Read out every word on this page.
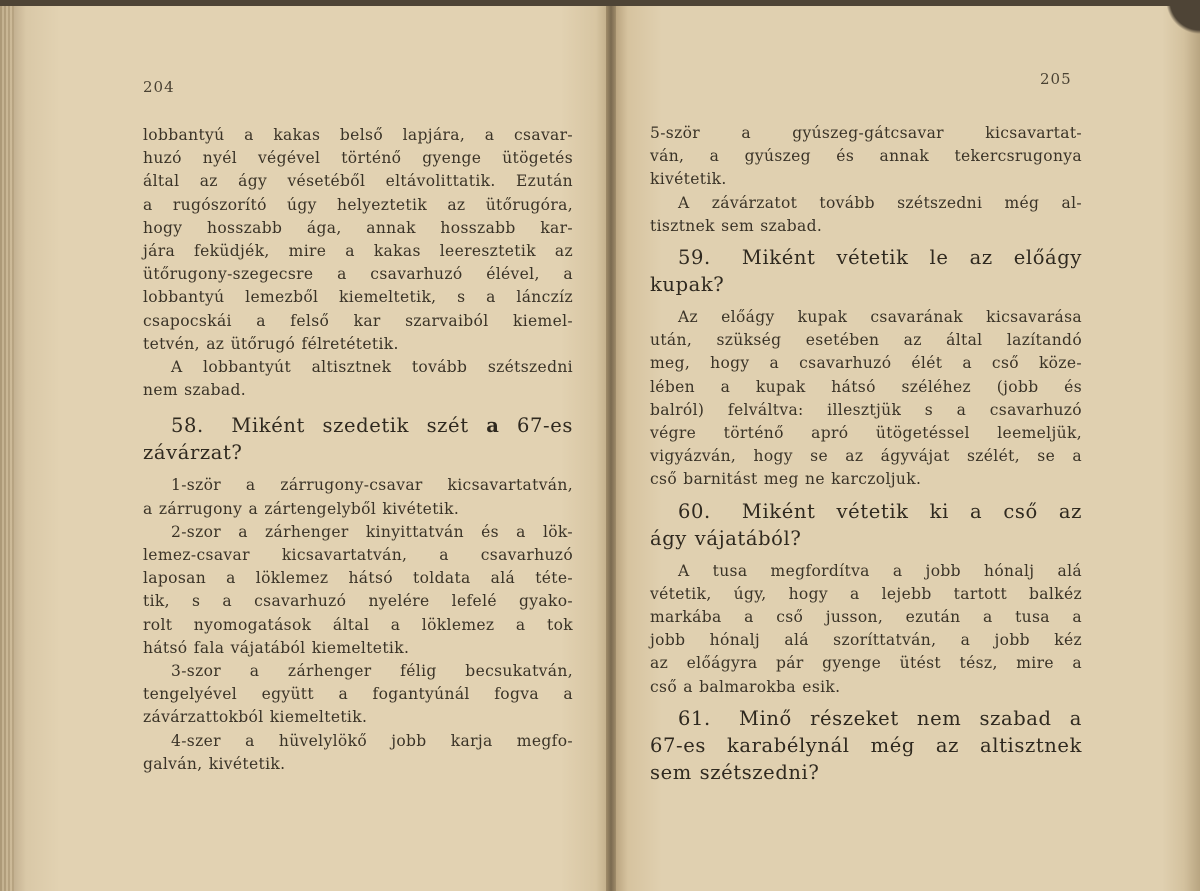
204
lobbantyú a kakas belső lapjára, a csavar-
huzó nyél végével történő gyenge ütögetés
által az ágy vésetéből eltávolittatik. Ezután
a rugószorító úgy helyeztetik az ütőrugóra,
hogy hosszabb ága, annak hosszabb kar-
jára feküdjék, mire a kakas leeresztetik az
ütőrugony-szegecsre a csavarhuzó élével, a
lobbantyú lemezből kiemeltetik, s a lánczíz
csapocskái a felső kar szarvaiból kiemel-
tetvén, az ütőrugó félretétetik.
A lobbantyút altisztnek tovább szétszedni
nem szabad.
58. Miként szedetik szét a 67-es
závárzat?
1-ször a zárrugony-csavar kicsavartatván,
a zárrugony a zártengelyből kivétetik.
2-szor a zárhenger kinyittatván és a lök-
lemez-csavar kicsavartatván, a csavarhuzó
laposan a löklemez hátsó toldata alá téte-
tik, s a csavarhuzó nyelére lefelé gyako-
rolt nyomogatások által a löklemez a tok
hátsó fala vájatából kiemeltetik.
3-szor a zárhenger félig becsukatván,
tengelyével együtt a fogantyúnál fogva a
závárzattokból kiemeltetik.
4-szer a hüvelylökő jobb karja megfo-
galván, kivétetik.
205
5-ször a gyúszeg-gátcsavar kicsavartat-
ván, a gyúszeg és annak tekercsrugonya
kivétetik.
A závárzatot tovább szétszedni még al-
tisztnek sem szabad.
59. Miként vétetik le az előágy
kupak?
Az előágy kupak csavarának kicsavarása
után, szükség esetében az által lazítandó
meg, hogy a csavarhuzó élét a cső köze-
lében a kupak hátsó széléhez (jobb és
balról) felváltva: illesztjük s a csavarhuzó
végre történő apró ütögetéssel leemeljük,
vigyázván, hogy se az ágyvájat szélét, se a
cső barnitást meg ne karczoljuk.
60. Miként vétetik ki a cső az
ágy vájatából?
A tusa megfordítva a jobb hónalj alá
vétetik, úgy, hogy a lejebb tartott balkéz
markába a cső jusson, ezután a tusa a
jobb hónalj alá szoríttatván, a jobb kéz
az előágyra pár gyenge ütést tész, mire a
cső a balmarokba esik.
61. Minő részeket nem szabad a
67-es karabélynál még az altisztnek
sem szétszedni?
